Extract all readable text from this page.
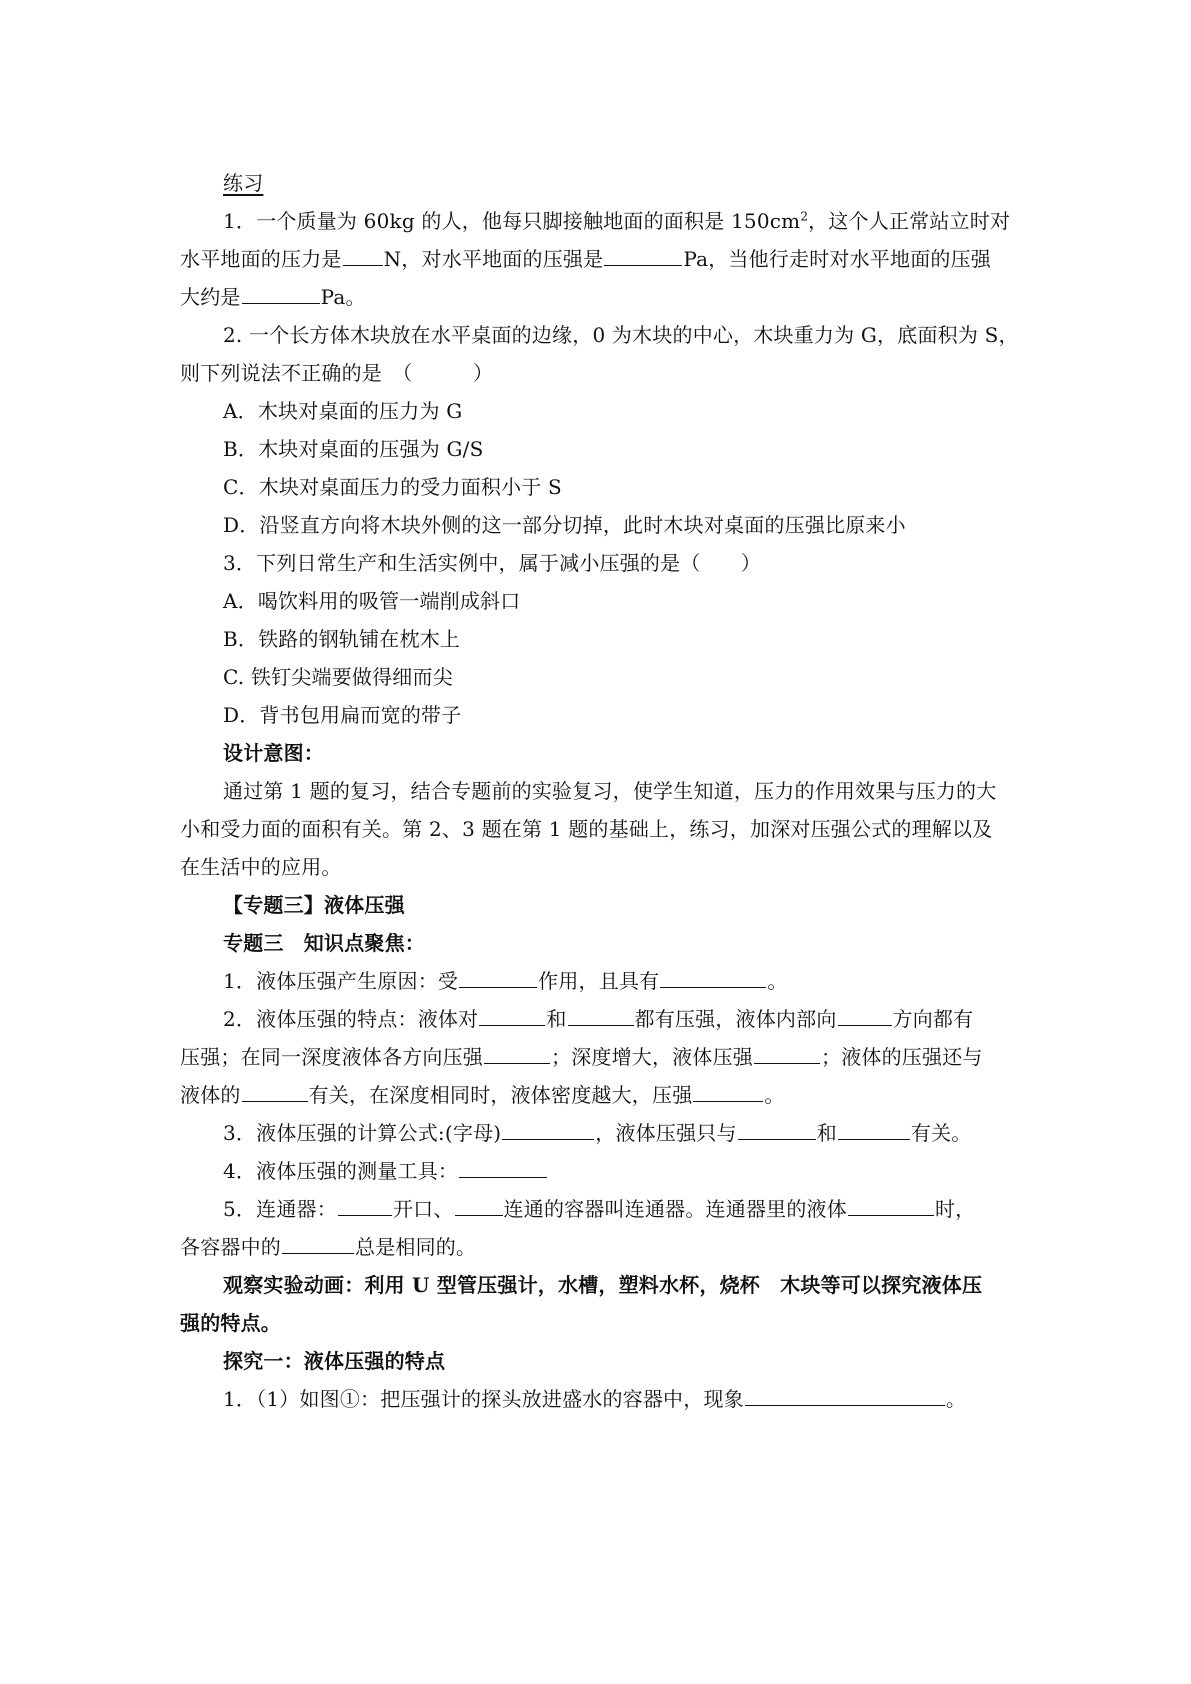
练习
1．一个质量为 60kg 的人，他每只脚接触地面的面积是 $150cm^2$，这个人正常站立时对
水平地面的压力是 N，对水平地面的压强是	Pa，当他行走时对水平地面的压强
大约是	Pa。
2. 一个长方体木块放在水平桌面的边缘，0 为木块的中心，木块重力为 G，底面积为 S，
则下列说法不正确的是　（　　　）
A．木块对桌面的压力为 G
B．木块对桌面的压强为 G/S
C．木块对桌面压力的受力面积小于 S
D．沿竖直方向将木块外侧的这一部分切掉，此时木块对桌面的压强比原来小
3．下列日常生产和生活实例中，属于减小压强的是（　　）
A．喝饮料用的吸管一端削成斜口
B．铁路的钢轨铺在枕木上
C. 铁钉尖端要做得细而尖
D．背书包用扁而宽的带子
设计意图：
通过第 1 题的复习，结合专题前的实验复习，使学生知道，压力的作用效果与压力的大
小和受力面的面积有关。第 2、3 题在第 1 题的基础上，练习，加深对压强公式的理解以及
在生活中的应用。
【专题三】液体压强
专题三　知识点聚焦：
1．液体压强产生原因：受	作用，且具有	。
2．液体压强的特点：液体对	和	都有压强，液体内部向	方向都有
压强；在同一深度液体各方向压强	；深度增大，液体压强	；液体的压强还与
液体的	有关，在深度相同时，液体密度越大，压强	。
3．液体压强的计算公式:(字母)	，液体压强只与	和	有关。
4．液体压强的测量工具：
5．连通器：	开口、	连通的容器叫连通器。连通器里的液体	时，
各容器中的	总是相同的。
观察实验动画：利用 U 型管压强计，水槽，塑料水杯，烧杯　木块等可以探究液体压
强的特点。
探究一：液体压强的特点
1．（1）如图①：把压强计的探头放进盛水的容器中，现象	。
